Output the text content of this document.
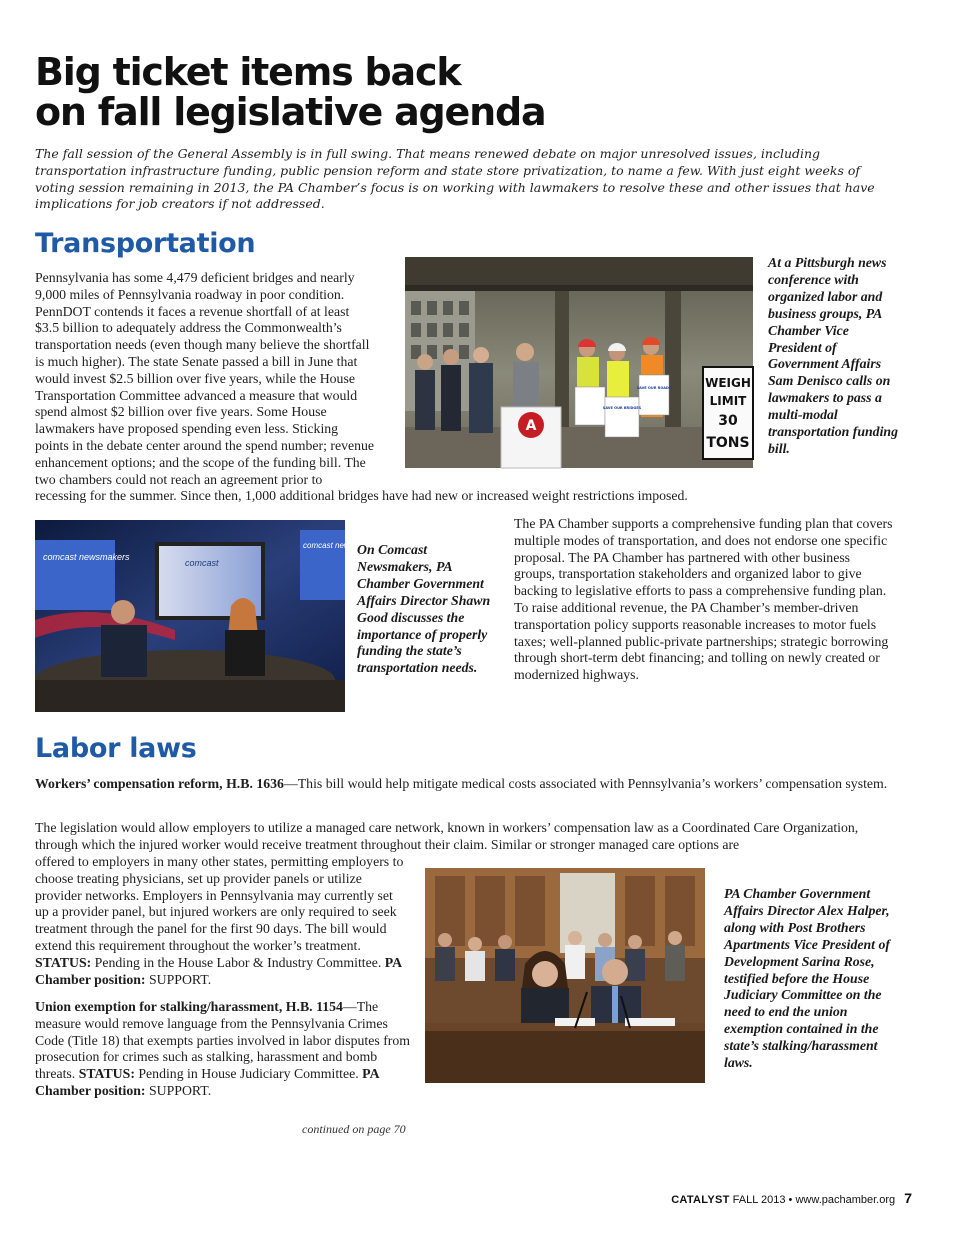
Big ticket items back
on fall legislative agenda
The fall session of the General Assembly is in full swing. That means renewed debate on major unresolved issues, including transportation infrastructure funding, public pension reform and state store privatization, to name a few. With just eight weeks of voting session remaining in 2013, the PA Chamber’s focus is on working with lawmakers to resolve these and other issues that have implications for job creators if not addressed.
Transportation
Pennsylvania has some 4,479 deficient bridges and nearly
9,000 miles of Pennsylvania roadway in poor condition.
PennDOT contends it faces a revenue shortfall of at least
$3.5 billion to adequately address the Commonwealth’s
transportation needs (even though many believe the shortfall
is much higher). The state Senate passed a bill in June that
would invest $2.5 billion over five years, while the House
Transportation Committee advanced a measure that would
spend almost $2 billion over five years. Some House
lawmakers have proposed spending even less. Sticking
points in the debate center around the spend number; revenue
enhancement options; and the scope of the funding bill. The
two chambers could not reach an agreement prior to
recessing for the summer. Since then, 1,000 additional bridges have had new or increased weight restrictions imposed.
SAVE OUR BRIDGES
SAVE OUR ROADS
A
WEIGH
LIMIT
30
TONS
At a Pittsburgh news conference with organized labor and business groups, PA Chamber Vice President of Government Affairs Sam Denisco calls on lawmakers to pass a multi-modal transportation funding bill.
comcast newsmakers
comcast newsm
comcast
On Comcast Newsmakers, PA Chamber Government Affairs Director Shawn Good discusses the importance of properly funding the state’s transportation needs.
The PA Chamber supports a comprehensive funding plan that covers multiple modes of transportation, and does not endorse one specific proposal. The PA Chamber has partnered with other business groups, transportation stakeholders and organized labor to give backing to legislative efforts to pass a comprehensive funding plan. To raise additional revenue, the PA Chamber’s member-driven transportation policy supports reasonable increases to motor fuels taxes; well-planned public-private partnerships; strategic borrowing through short-term debt financing; and tolling on newly created or modernized highways.
Labor laws
Workers’ compensation reform, H.B. 1636—This bill would help mitigate medical costs associated with Pennsylvania’s workers’ compensation system.
The legislation would allow employers to utilize a managed care network, known in workers’ compensation law as a Coordinated Care Organization, through which the injured worker would receive treatment throughout their claim. Similar or stronger managed care options are
offered to employers in many other states, permitting employers to choose treating physicians, set up provider panels or utilize provider networks. Employers in Pennsylvania may currently set up a provider panel, but injured workers are only required to seek treatment through the panel for the first 90 days. The bill would extend this requirement throughout the worker’s treatment. STATUS: Pending in the House Labor & Industry Committee. PA Chamber position: SUPPORT.
Union exemption for stalking/harassment, H.B. 1154—The measure would remove language from the Pennsylvania Crimes Code (Title 18) that exempts parties involved in labor disputes from prosecution for crimes such as stalking, harassment and bomb threats. STATUS: Pending in House Judiciary Committee. PA Chamber position: SUPPORT.
PA Chamber Government Affairs Director Alex Halper, along with Post Brothers Apartments Vice President of Development Sarina Rose, testified before the House Judiciary Committee on the need to end the union exemption contained in the state’s stalking/harassment laws.
continued on page 70
CATALYST FALL 2013 • www.pachamber.org 7
